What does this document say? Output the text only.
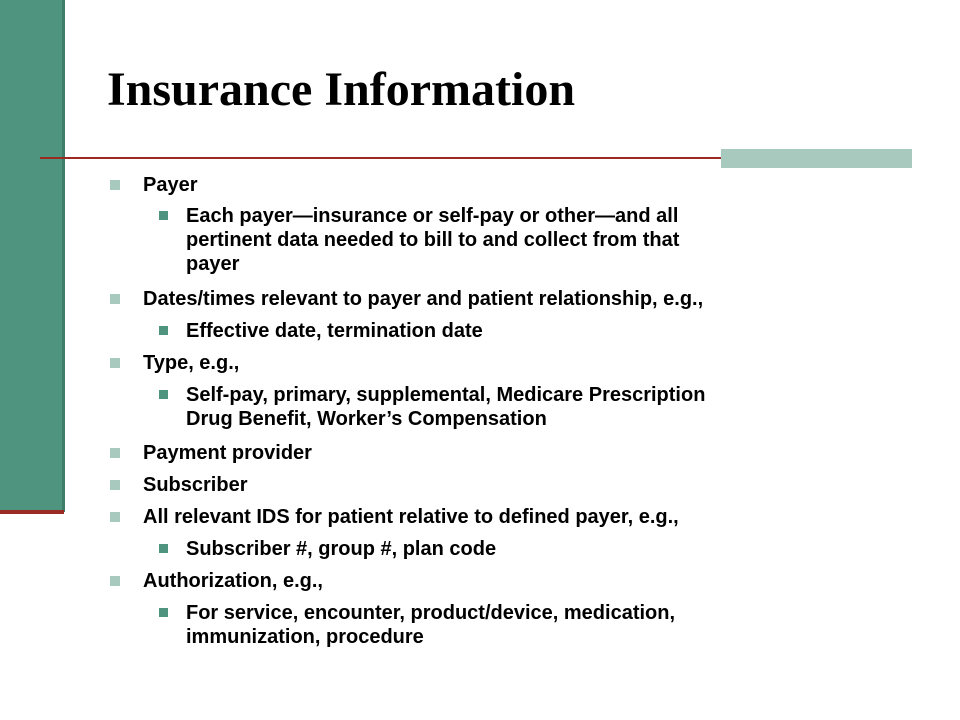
Insurance Information
Payer
Each payer—insurance or self-pay or other—and all
pertinent data needed to bill to and collect from that
payer
Dates/times relevant to payer and patient relationship, e.g.,
Effective date, termination date
Type, e.g.,
Self-pay, primary, supplemental, Medicare Prescription
Drug Benefit, Worker’s Compensation
Payment provider
Subscriber
All relevant IDS for patient relative to defined payer, e.g.,
Subscriber #, group #, plan code
Authorization, e.g.,
For service, encounter, product/device, medication,
immunization, procedure
